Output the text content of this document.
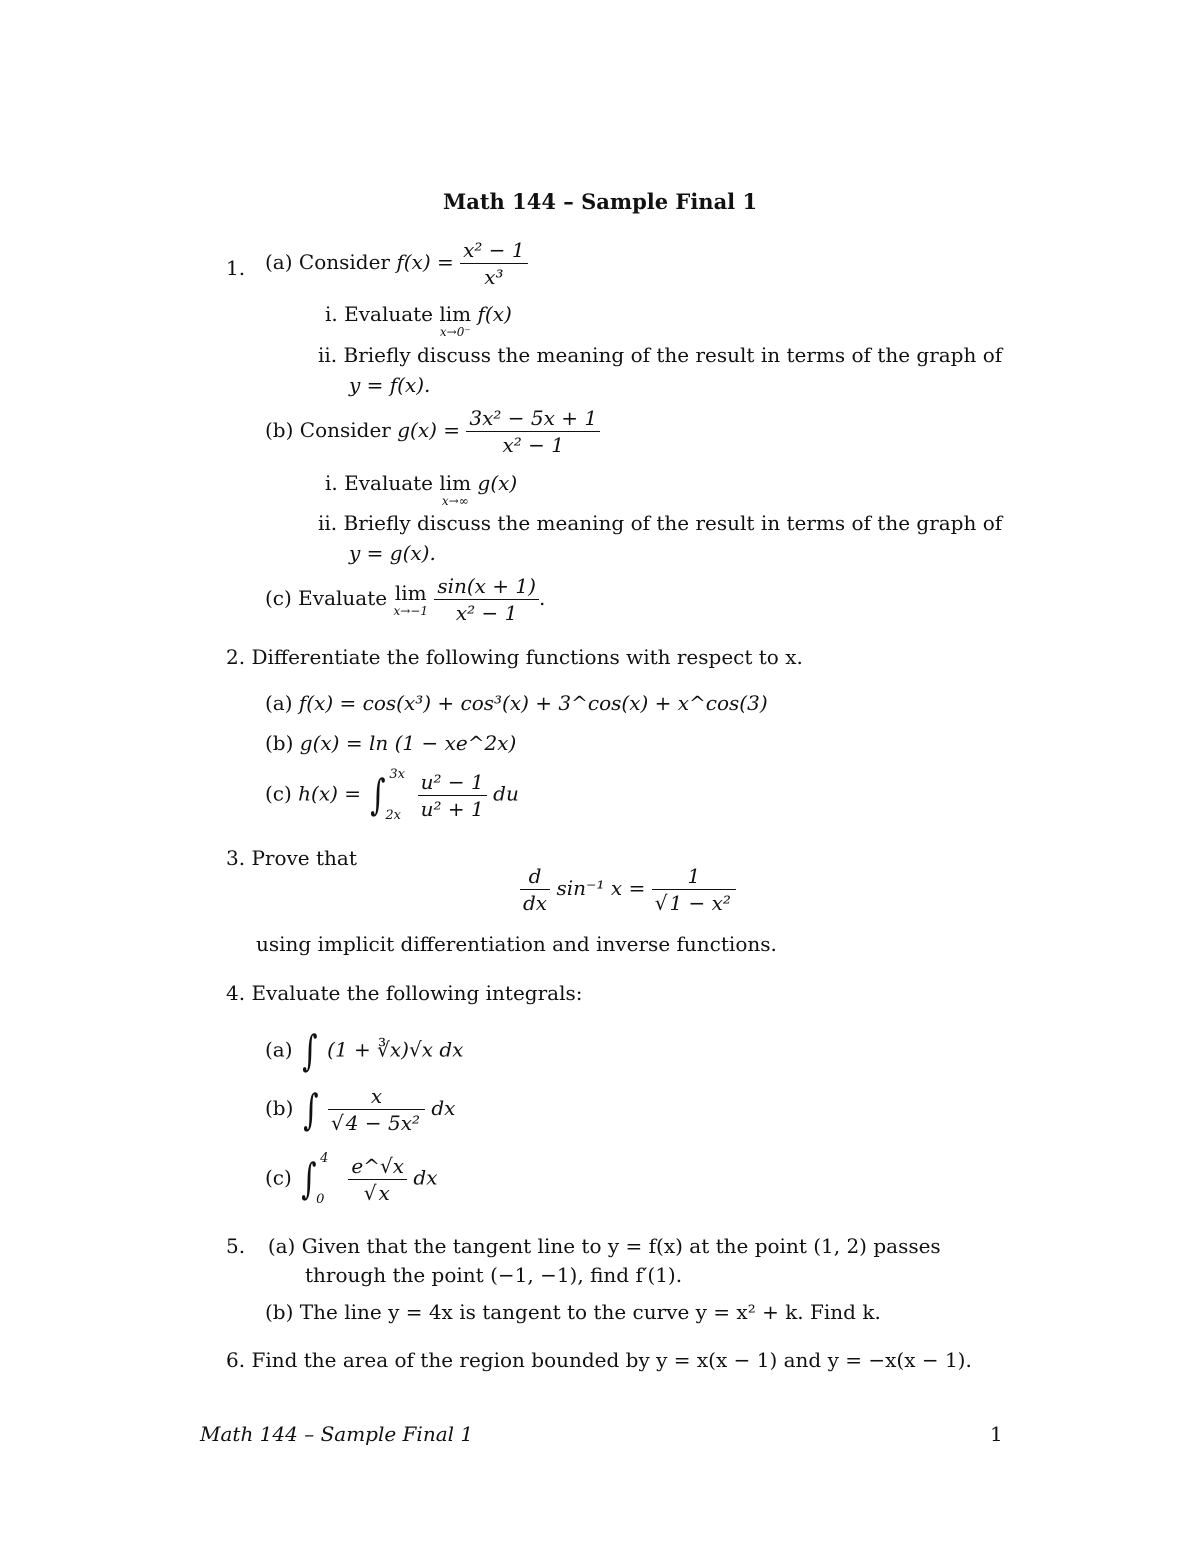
Math 144 – Sample Final 1
1. (a) Consider $f(x) = \frac{\text{x² − 1}}{\text{x³}}$
i. Evaluate lim
x→0⁻
f(x)
ii. Briefly discuss the meaning of the result in terms of the graph of
y = f(x).
(b) Consider $g(x) = \frac{\text{3x² − 5x + 1}}{\text{x² − 1}}$
i. Evaluate lim
x→∞
g(x)
ii. Briefly discuss the meaning of the result in terms of the graph of
y = g(x).
(c) Evaluate lim
x→−1
$\frac{\sin(x + 1)}{\text{x² − 1}}$ .
2. Differentiate the following functions with respect to x.
(a) f(x) = cos(x³) + cos³(x) + 3^cos(x) + x^cos(3)
(b) g(x) = ln (1 − xe^2x)
(c) h(x) = ∫ 3x
2x
$\frac{\text{u² − 1}}{\text{u² + 1}}$ du
3. Prove that
$\frac{d}{dx} \sin^{-1}$ $x = \frac{1}{\text{√ 1 − x²}}$
using implicit differentiation and inverse functions.
4. Evaluate the following integrals:
(a) ∫ (1 + ∛x)√x dx
(b) ∫ $\frac{x}{\text{√ 4 − 5x²}}$ dx
(c) ∫ 4
0
$\frac{e\^{}√x}{√ x}$ dx
5. (a) Given that the tangent line to y = f(x) at the point (1, 2) passes
through the point (−1, −1), find f′(1).
(b) The line y = 4x is tangent to the curve y = x² + k. Find k.
6. Find the area of the region bounded by y = x(x − 1) and y = −x(x − 1).
Math 144 – Sample Final 1	1
